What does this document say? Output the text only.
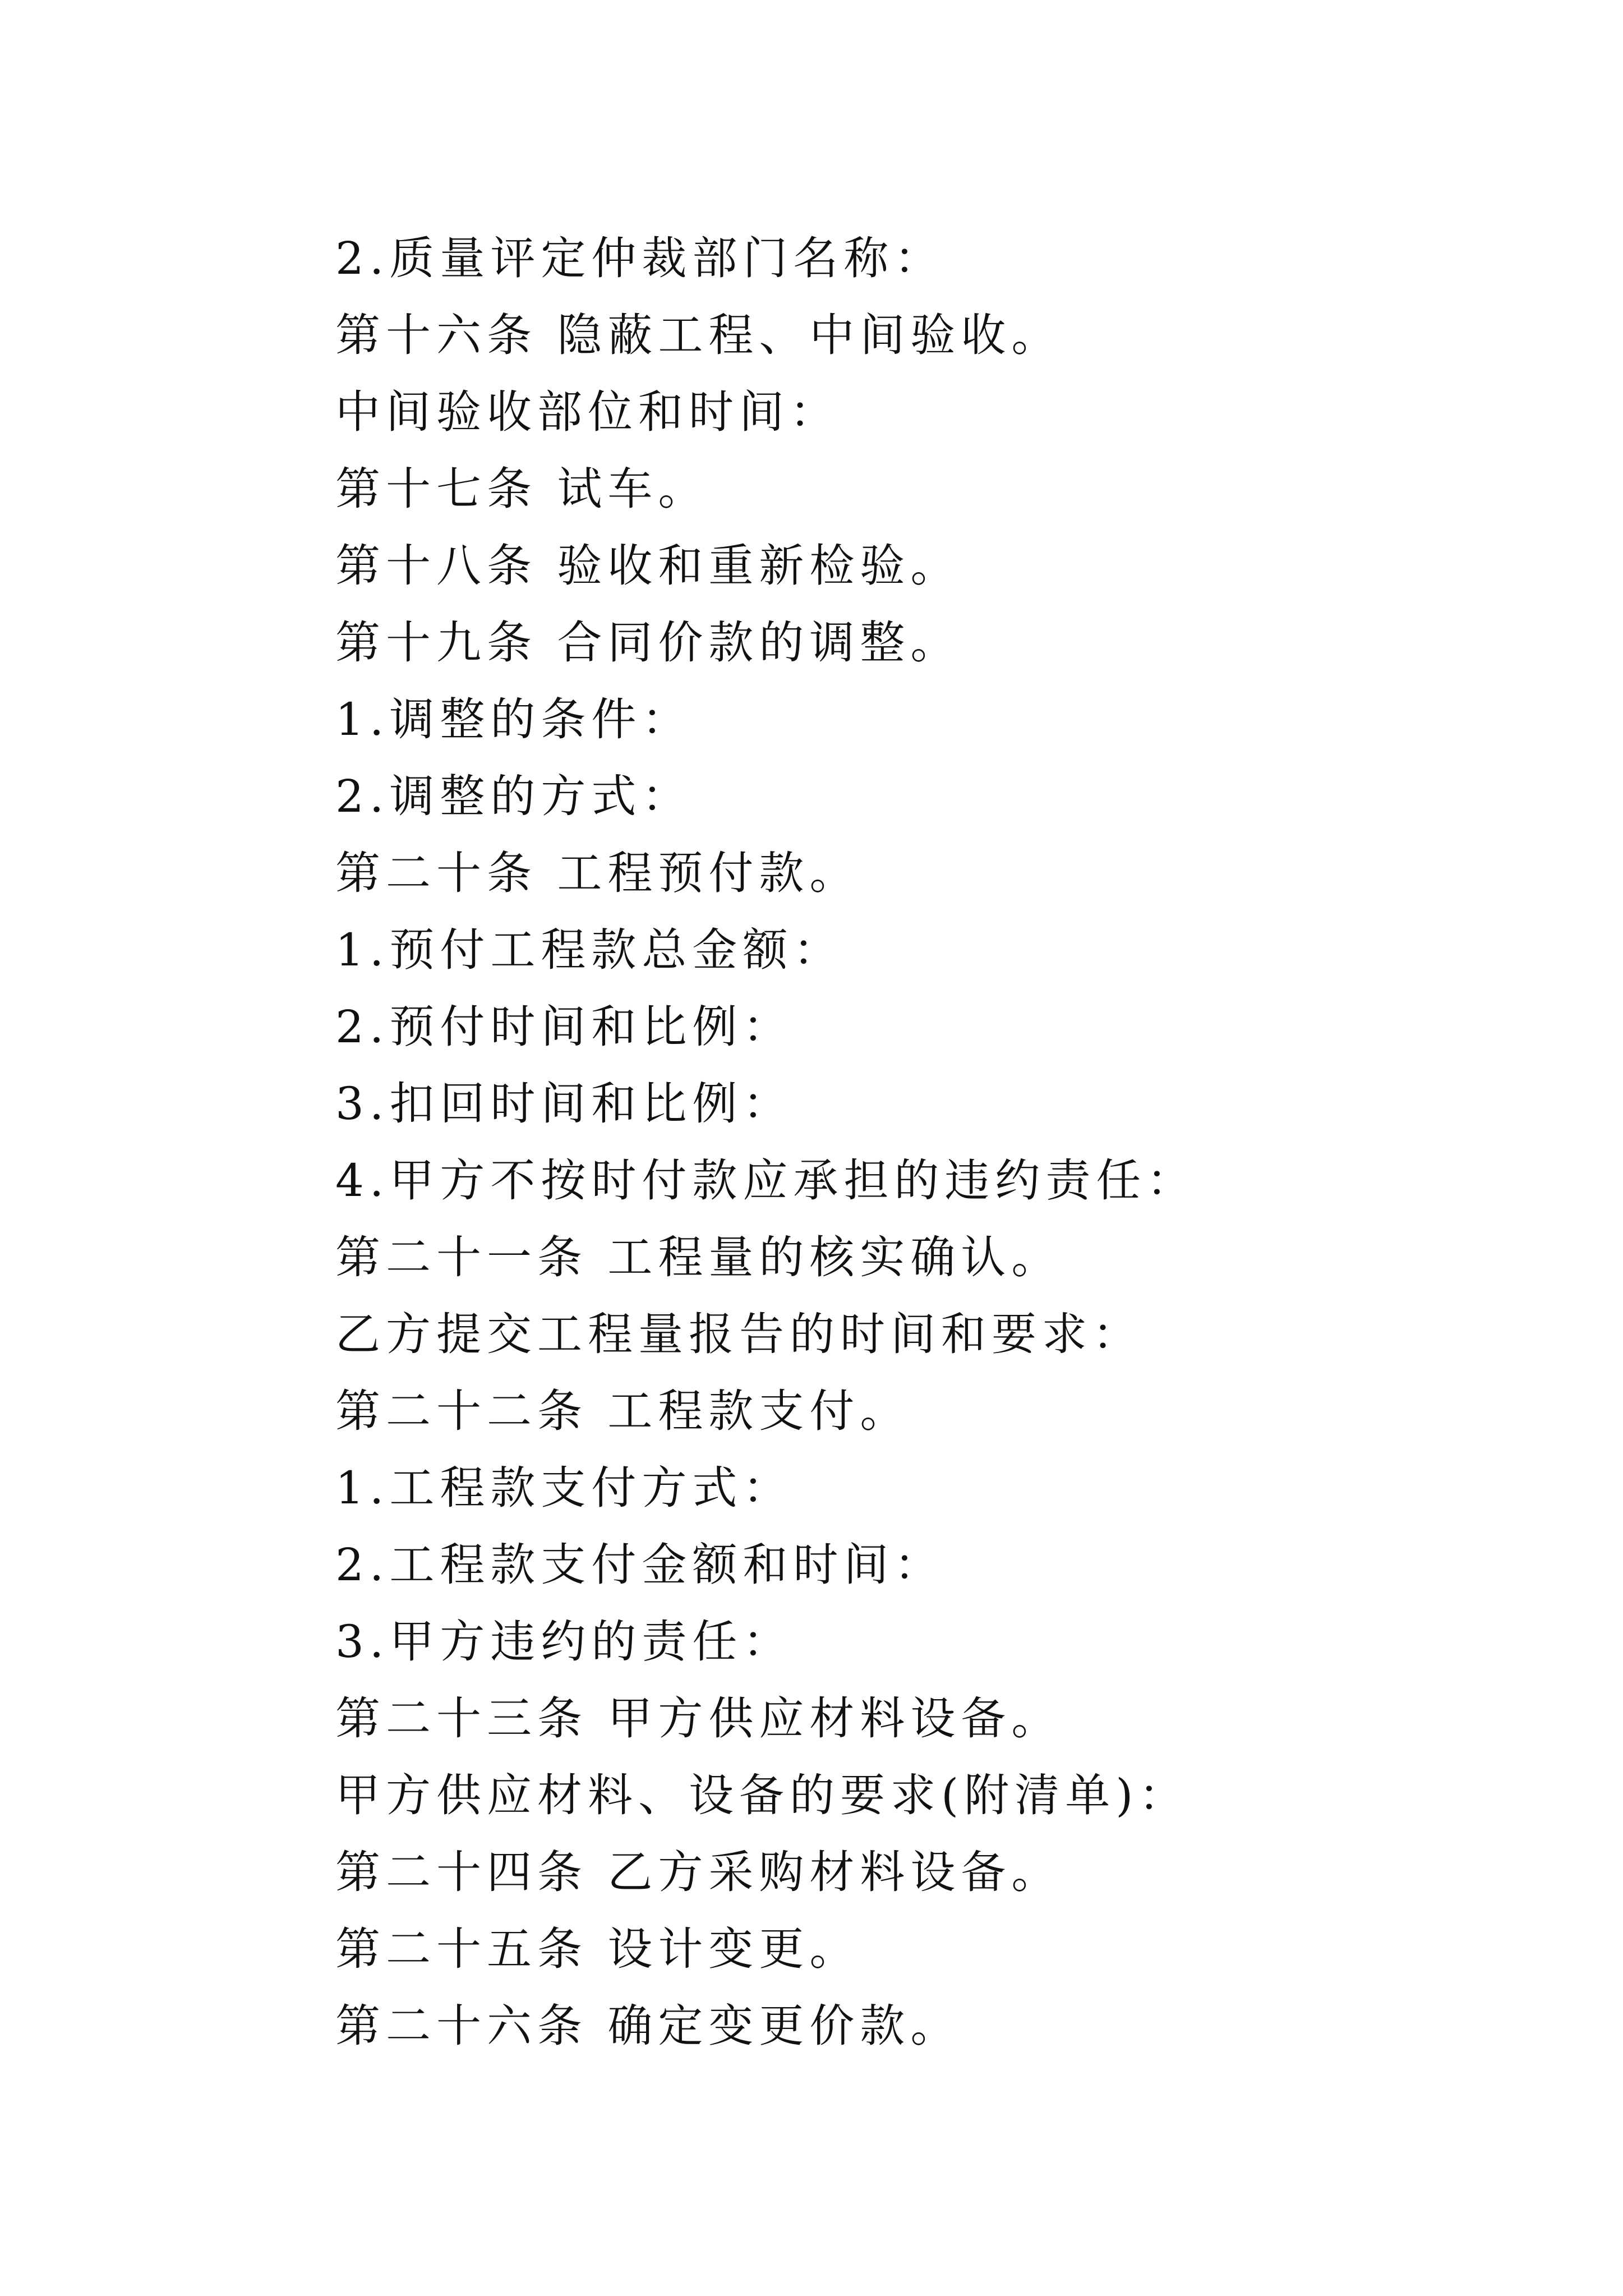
2.质量评定仲裁部门名称：
第十六条 隐蔽工程、中间验收。
中间验收部位和时间：
第十七条 试车。
第十八条 验收和重新检验。
第十九条 合同价款的调整。
1.调整的条件：
2.调整的方式：
第二十条 工程预付款。
1.预付工程款总金额：
2.预付时间和比例：
3.扣回时间和比例：
4.甲方不按时付款应承担的违约责任：
第二十一条 工程量的核实确认。
乙方提交工程量报告的时间和要求：
第二十二条 工程款支付。
1.工程款支付方式：
2.工程款支付金额和时间：
3.甲方违约的责任：
第二十三条 甲方供应材料设备。
甲方供应材料、设备的要求(附清单)：
第二十四条 乙方采购材料设备。
第二十五条 设计变更。
第二十六条 确定变更价款。
